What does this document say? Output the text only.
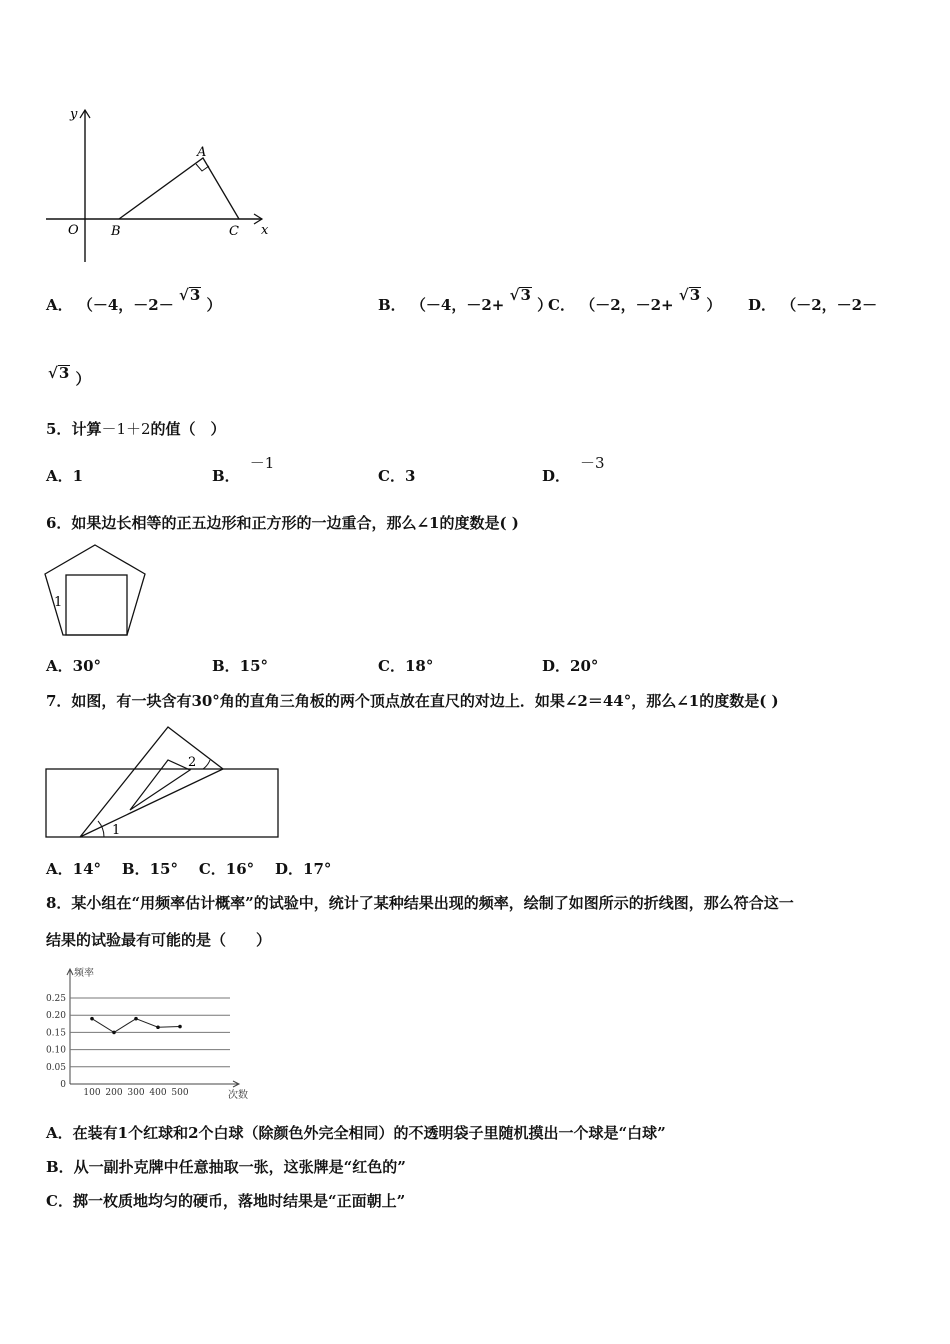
y
O B	C x
A
A． （－4，－2－ √3 ）	B． （－4，－2+ √3 ）
C． （－2，－2+ √3 ） D． （－2，－2－
√3 ）
5．计算－1＋2的值（　）
A．1	B．－1
C．3	D．－3
6．如果边长相等的正五边形和正方形的一边重合，那么∠1的度数是( )
1
A．30°	B．15°	C．18°	D．20°
7．如图，有一块含有30°角的直角三角板的两个顶点放在直尺的对边上．如果∠2＝44°，那么∠1的度数是( )
2
1
A．14°    B．15°    C．16°    D．17°
8．某小组在“用频率估计概率”的试验中，统计了某种结果出现的频率，绘制了如图所示的折线图，那么符合这一
结果的试验最有可能的是（　　）
0.25
0.20
0.15
0.10
0.05
0
100 200 300 400 500
频率
次数
A．在装有1个红球和2个白球（除颜色外完全相同）的不透明袋子里随机摸出一个球是“白球”
B．从一副扑克牌中任意抽取一张，这张牌是“红色的”
C．掷一枚质地均匀的硬币，落地时结果是“正面朝上”
